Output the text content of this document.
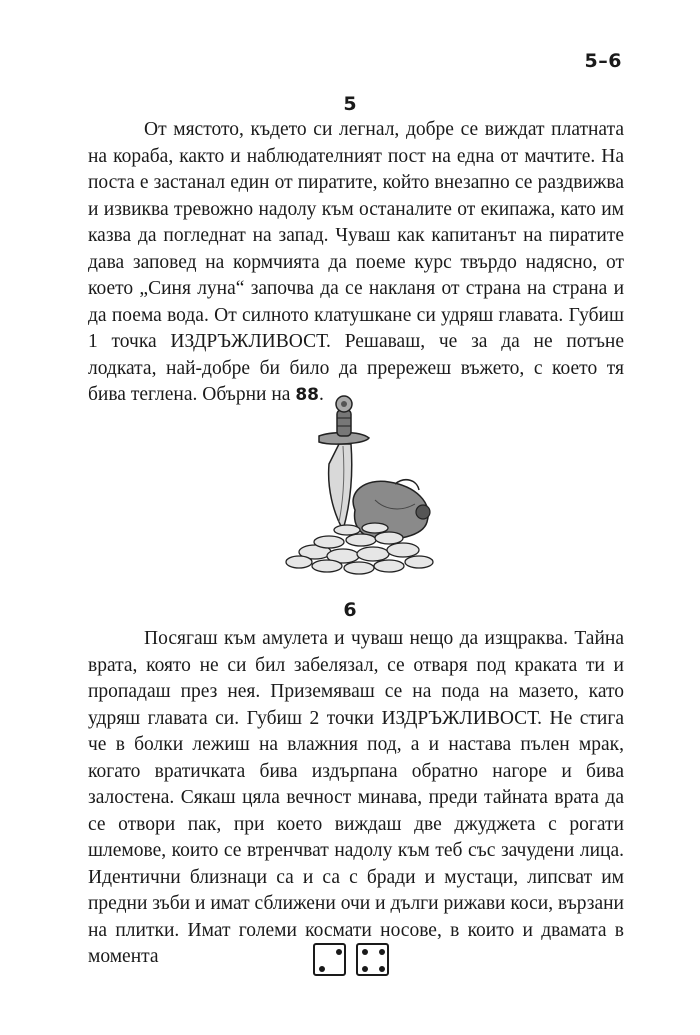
5–6
5

От мястото, където си легнал, добре се виждат платната на кораба, както и наблюдателният пост на една от мачтите. На поста е застанал един от пиратите, който внезапно се раздвижва и извиква тревожно надолу към останалите от екипажа, като им казва да погледнат на запад. Чуваш как капитанът на пиратите дава заповед на кормчията да поеме курс твърдо надясно, от което „Синя луна“ започва да се накланя от страна на страна и да поема вода. От силното клатушкане си удряш главата. Губиш 1 точка ИЗДРЪЖЛИВОСТ. Решаваш, че за да не потъне лодката, най-добре би било да прережеш въжето, с което тя бива теглена. Обърни на 88.

6

Посягаш към амулета и чуваш нещо да изщраква. Тайна врата, която не си бил забелязал, се отваря под краката ти и пропадаш през нея. Приземяваш се на пода на мазето, като удряш главата си. Губиш 2 точки ИЗДРЪЖЛИВОСТ. Не стига че в болки лежиш на влажния под, а и настава пълен мрак, когато вратичката бива издърпана обратно нагоре и бива залостена. Сякаш цяла вечност минава, преди тайната врата да се отвори пак, при което виждаш две джуджета с рогати шлемове, които се втренчват надолу към теб със зачудени лица. Идентични близнаци са и са с бради и мустаци, липсват им предни зъби и имат сближени очи и дълги рижави коси, вързани на плитки. Имат големи космати носове, в които и двамата в момента
